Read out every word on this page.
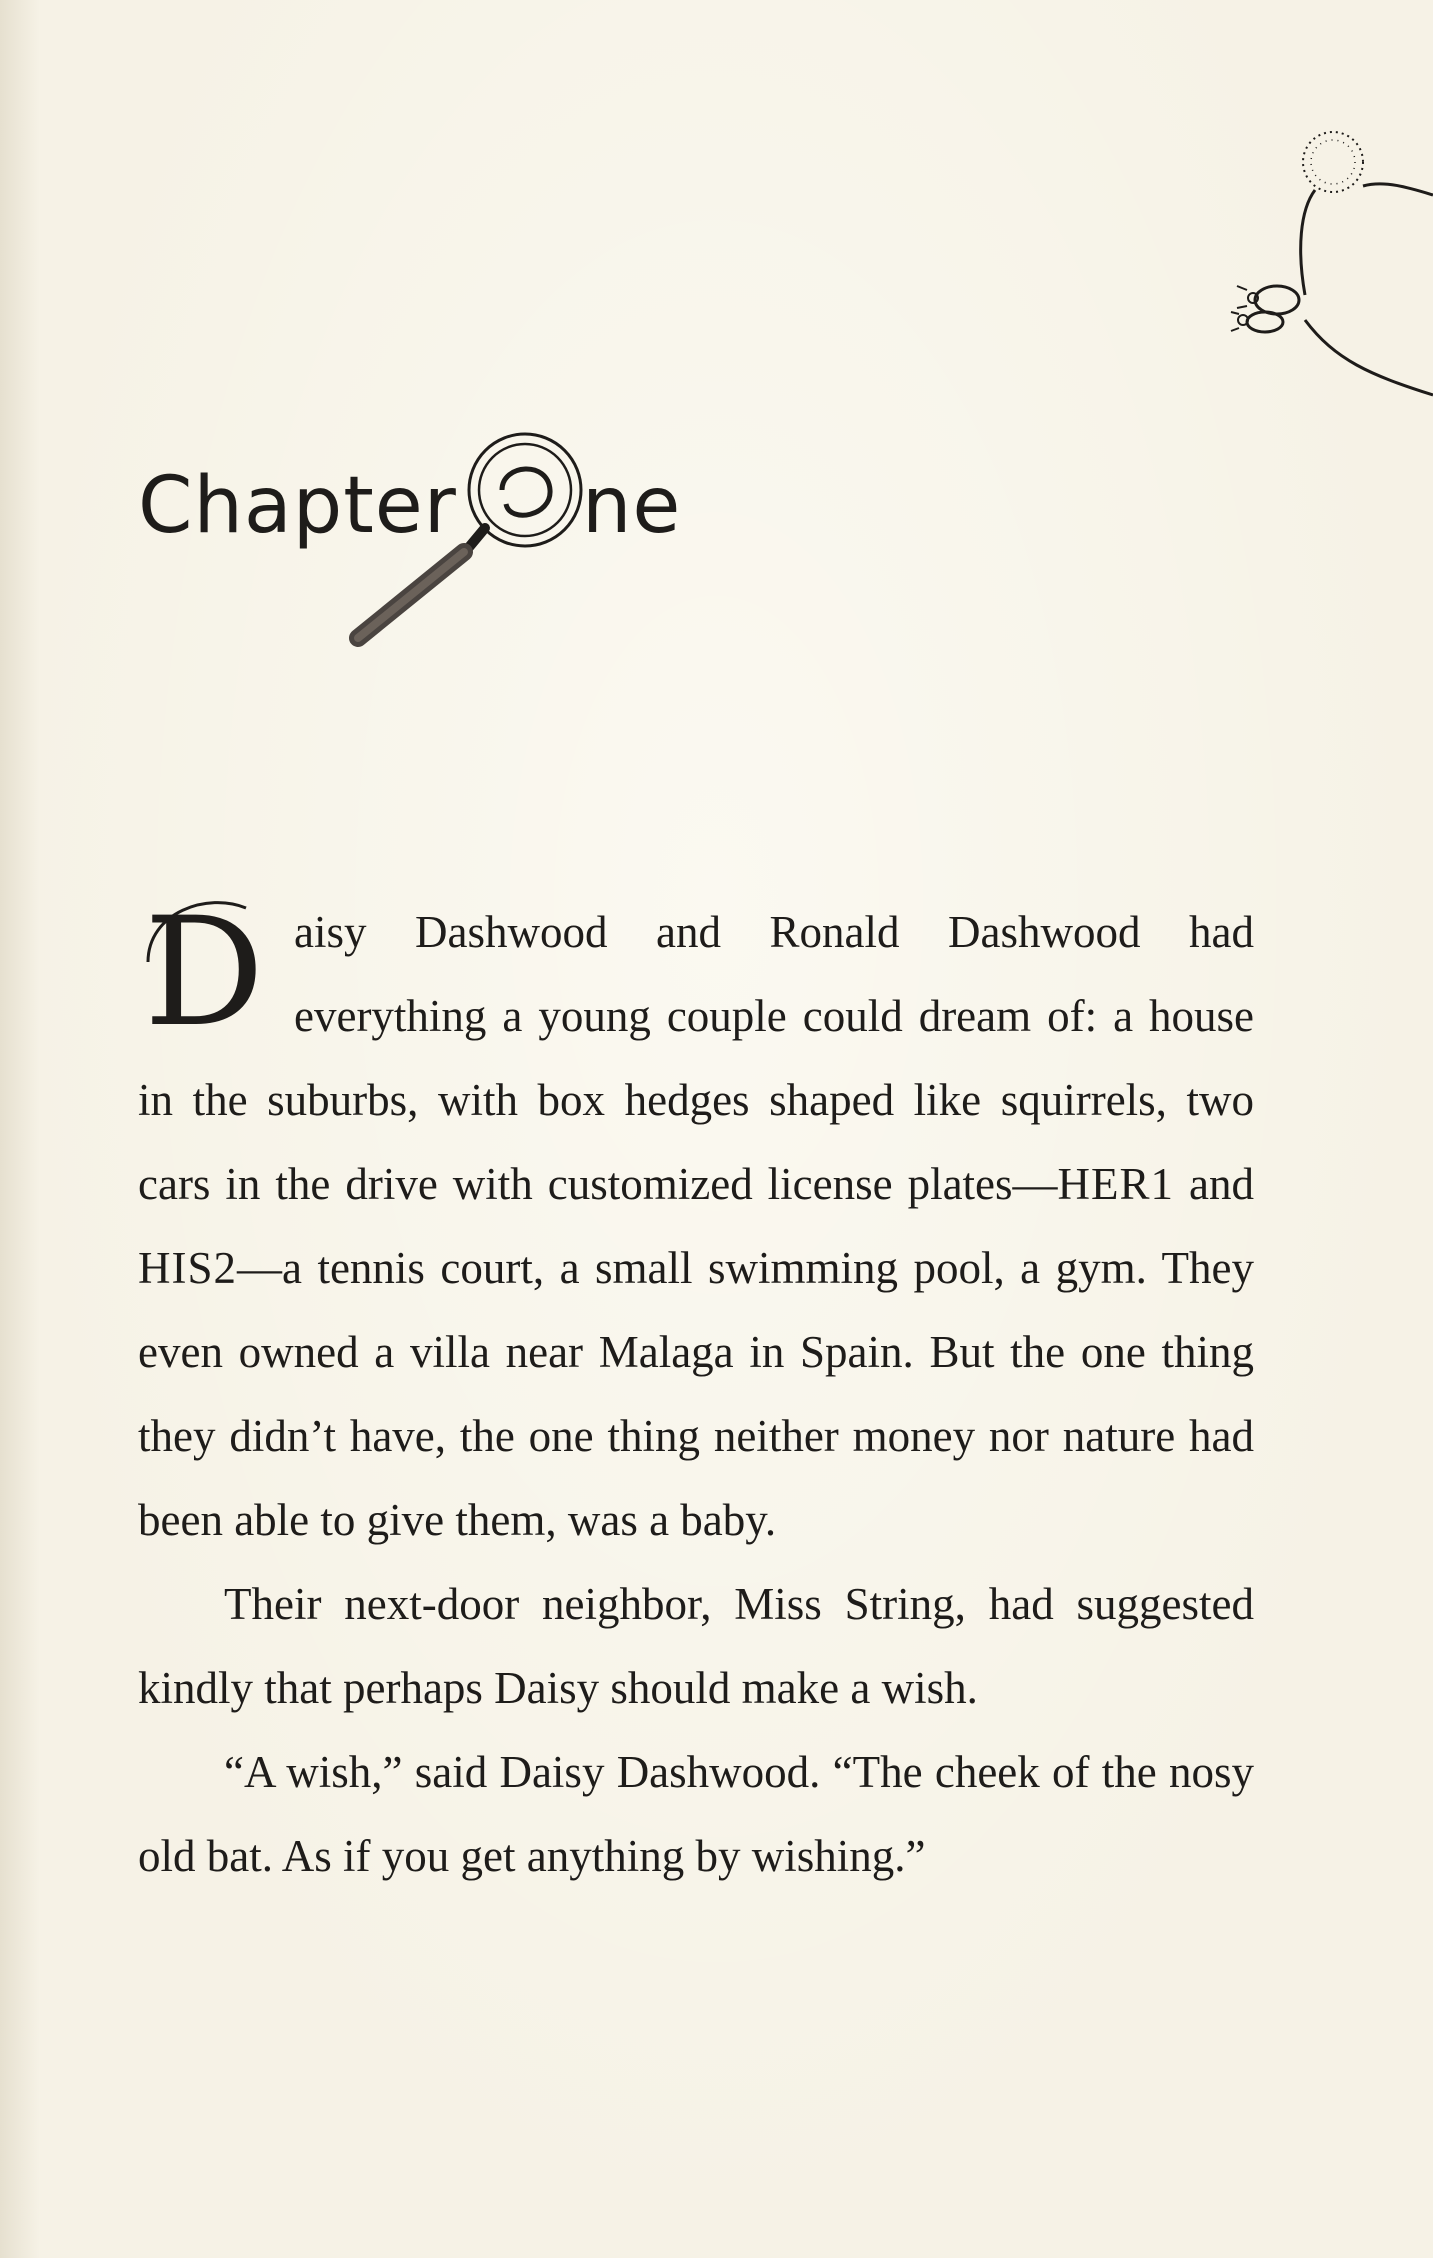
Chapter ne

D aisy Dashwood and Ronald Dashwood had everything a young couple could dream of: a house in the suburbs, with box hedges shaped like squirrels, two cars in the drive with customized license plates—HER1 and HIS2—a tennis court, a small swimming pool, a gym. They even owned a villa near Malaga in Spain. But the one thing they didn’t have, the one thing neither money nor nature had been able to give them, was a baby.

Their next-door neighbor, Miss String, had suggested kindly that perhaps Daisy should make a wish.

“A wish,” said Daisy Dashwood. “The cheek of the nosy old bat. As if you get anything by wishing.”
